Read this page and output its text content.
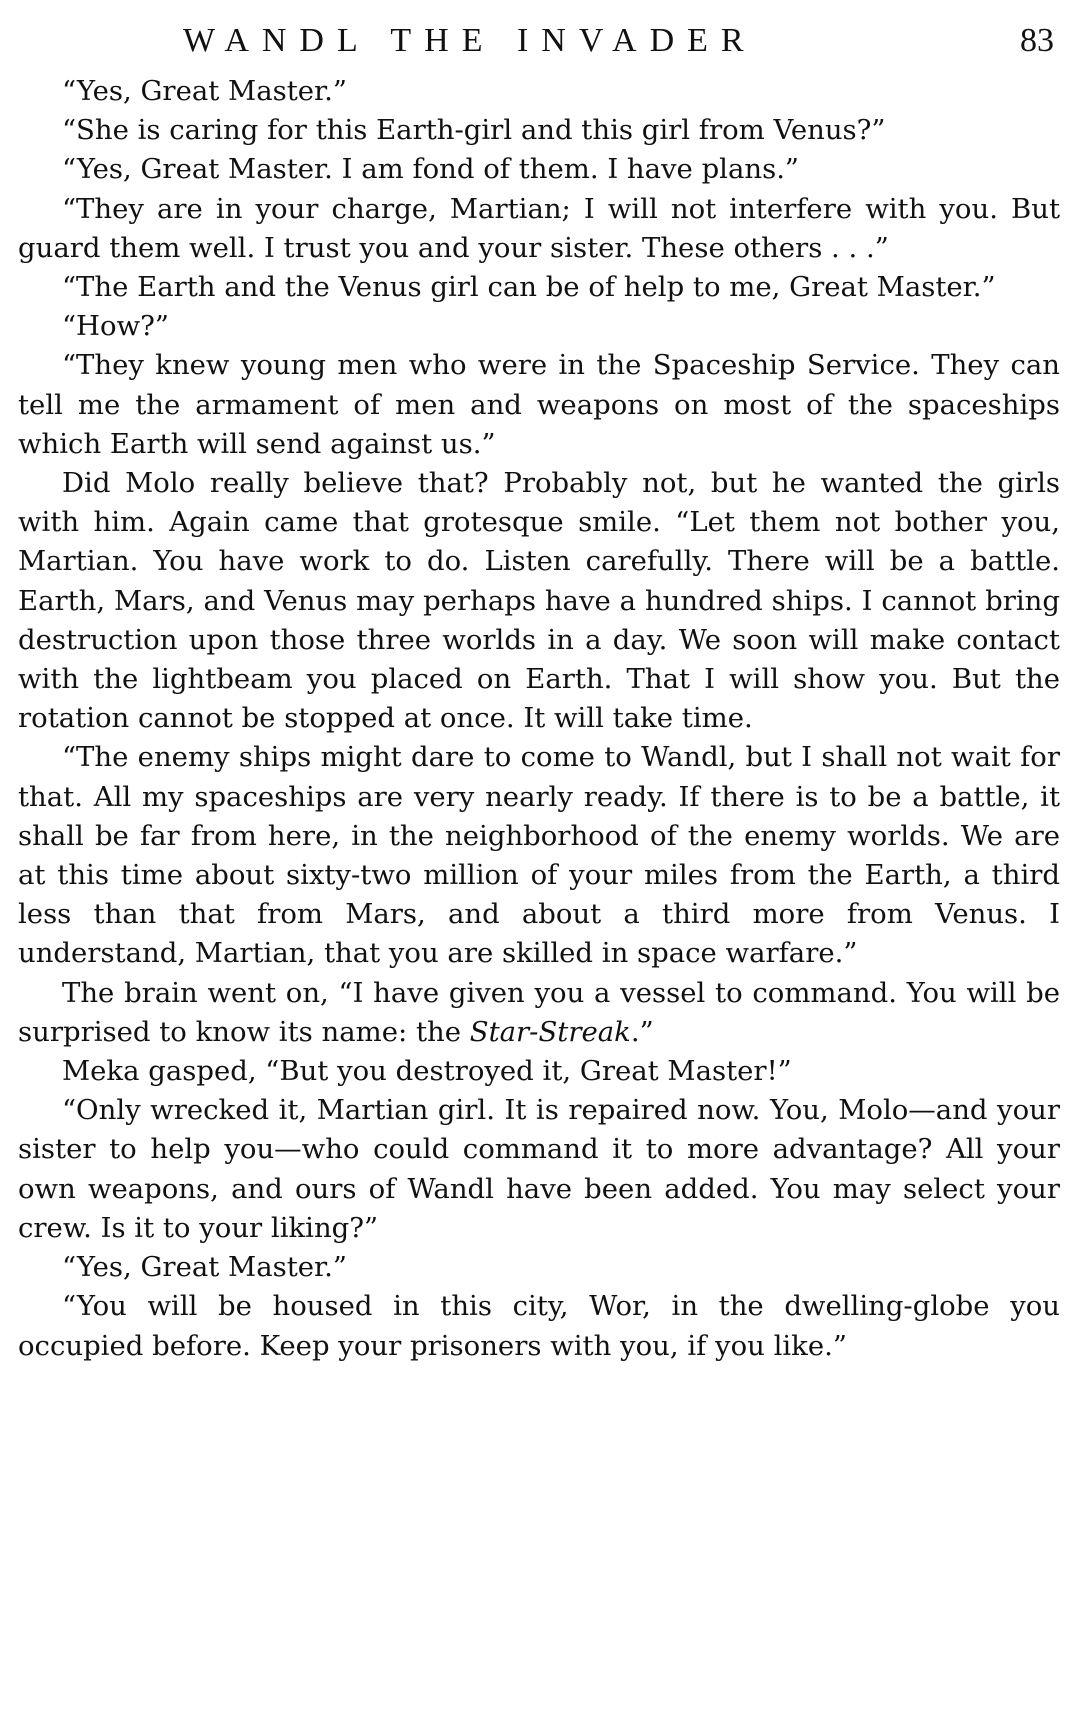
WANDL THE INVADER	83

“Yes, Great Master.”

“She is caring for this Earth-girl and this girl from Venus?”

“Yes, Great Master. I am fond of them. I have plans.”

“They are in your charge, Martian; I will not interfere with you. But guard them well. I trust you and your sister. These others . . .”

“The Earth and the Venus girl can be of help to me, Great Master.”

“How?”

“They knew young men who were in the Spaceship Service. They can tell me the armament of men and weapons on most of the spaceships which Earth will send against us.”

Did Molo really believe that? Probably not, but he wanted the girls with him. Again came that grotesque smile. “Let them not bother you, Martian. You have work to do. Listen carefully. There will be a battle. Earth, Mars, and Venus may perhaps have a hundred ships. I cannot bring destruction upon those three worlds in a day. We soon will make contact with the lightbeam you placed on Earth. That I will show you. But the rotation cannot be stopped at once. It will take time.

“The enemy ships might dare to come to Wandl, but I shall not wait for that. All my spaceships are very nearly ready. If there is to be a battle, it shall be far from here, in the neighborhood of the enemy worlds. We are at this time about sixty-two million of your miles from the Earth, a third less than that from Mars, and about a third more from Venus. I understand, Martian, that you are skilled in space warfare.”

The brain went on, “I have given you a vessel to command. You will be surprised to know its name: the Star-Streak.”

Meka gasped, “But you destroyed it, Great Master!”

“Only wrecked it, Martian girl. It is repaired now. You, Molo—and your sister to help you—who could command it to more advantage? All your own weapons, and ours of Wandl have been added. You may select your crew. Is it to your liking?”

“Yes, Great Master.”

“You will be housed in this city, Wor, in the dwelling-globe you occupied before. Keep your prisoners with you, if you like.”
